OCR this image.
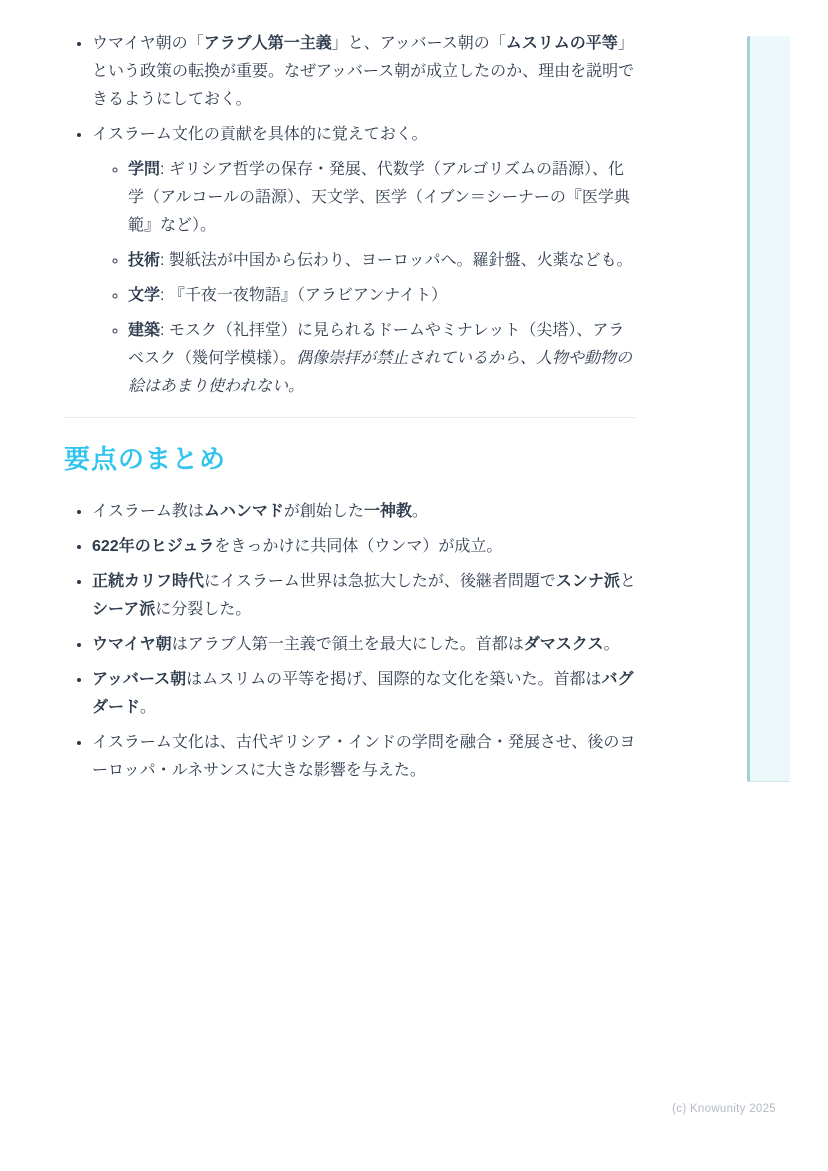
• ウマイヤ朝の「アラブ人第一主義」と、アッバース朝の「ムスリムの平等」という政策の転換が重要。なぜアッバース朝が成立したのか、理由を説明できるようにしておく。
• イスラーム文化の貢献を具体的に覚えておく。
◦ 学問: ギリシア哲学の保存・発展、代数学（アルゴリズムの語源）、化学（アルコールの語源）、天文学、医学（イブン＝シーナーの『医学典範』など）。
◦ 技術: 製紙法が中国から伝わり、ヨーロッパへ。羅針盤、火薬なども。
◦ 文学: 『千夜一夜物語』（アラビアンナイト）
◦ 建築: モスク（礼拝堂）に見られるドームやミナレット（尖塔）、アラベスク（幾何学模様）。偶像崇拝が禁止されているから、人物や動物の絵はあまり使われない。
要点のまとめ
• イスラーム教はムハンマドが創始した一神教。
• 622年のヒジュラをきっかけに共同体（ウンマ）が成立。
• 正統カリフ時代にイスラーム世界は急拡大したが、後継者問題でスンナ派とシーア派に分裂した。
• ウマイヤ朝はアラブ人第一主義で領土を最大にした。首都はダマスクス。
• アッバース朝はムスリムの平等を掲げ、国際的な文化を築いた。首都はバグダード。
• イスラーム文化は、古代ギリシア・インドの学問を融合・発展させ、後のヨーロッパ・ルネサンスに大きな影響を与えた。
(c) Knowunity 2025
